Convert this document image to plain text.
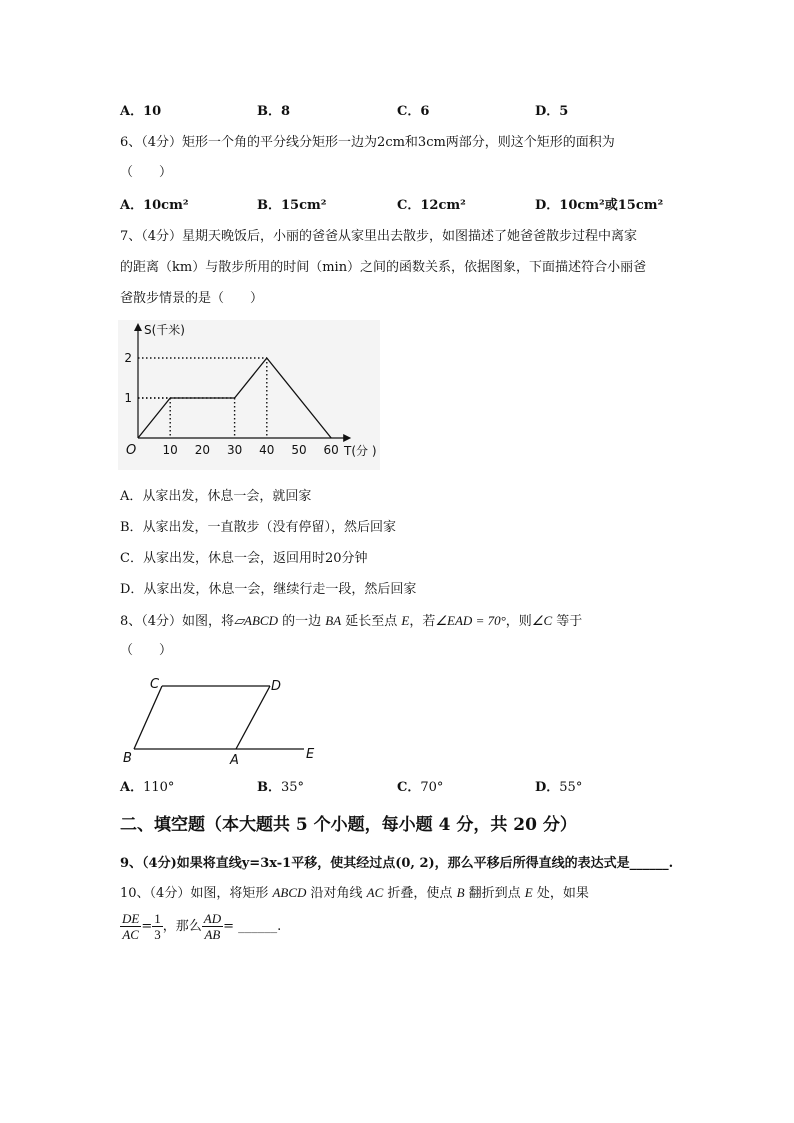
A．10	B．8	C．6	D．5
6、（4分）矩形一个角的平分线分矩形一边为2cm和3cm两部分，则这个矩形的面积为
（　　）
A．10cm²	B．15cm²	C．12cm²	D．10cm²或15cm²
7、（4分）星期天晚饭后，小丽的爸爸从家里出去散步，如图描述了她爸爸散步过程中离家
的距离（km）与散步所用的时间（min）之间的函数关系，依据图象，下面描述符合小丽爸
爸散步情景的是（　　）
10 20 30 40 50 60
1
2
S(千米)
T(分 )
O
A．从家出发，休息一会，就回家
B．从家出发，一直散步（没有停留），然后回家
C．从家出发，休息一会，返回用时20分钟
D．从家出发，休息一会，继续行走一段，然后回家
8、（4分）如图，将▱ABCD 的一边 BA 延长至点 E，若∠EAD = 70°，则∠C 等于
（　　）
C	D
B	A	E
A．110°	B．35°	C．70°	D．55°
二、填空题（本大题共 5 个小题，每小题 4 分，共 20 分）
9、（4分)如果将直线y=3x-1平移，使其经过点(0, 2)，那么平移后所得直线的表达式是______.
10、（4分）如图，将矩形 ABCD 沿对角线 AC 折叠，使点 B 翻折到点 E 处，如果
$\frac{DE}{AC} = \frac{1}{3}$ ，那么 $\frac{AD}{AB}$ = ______.
